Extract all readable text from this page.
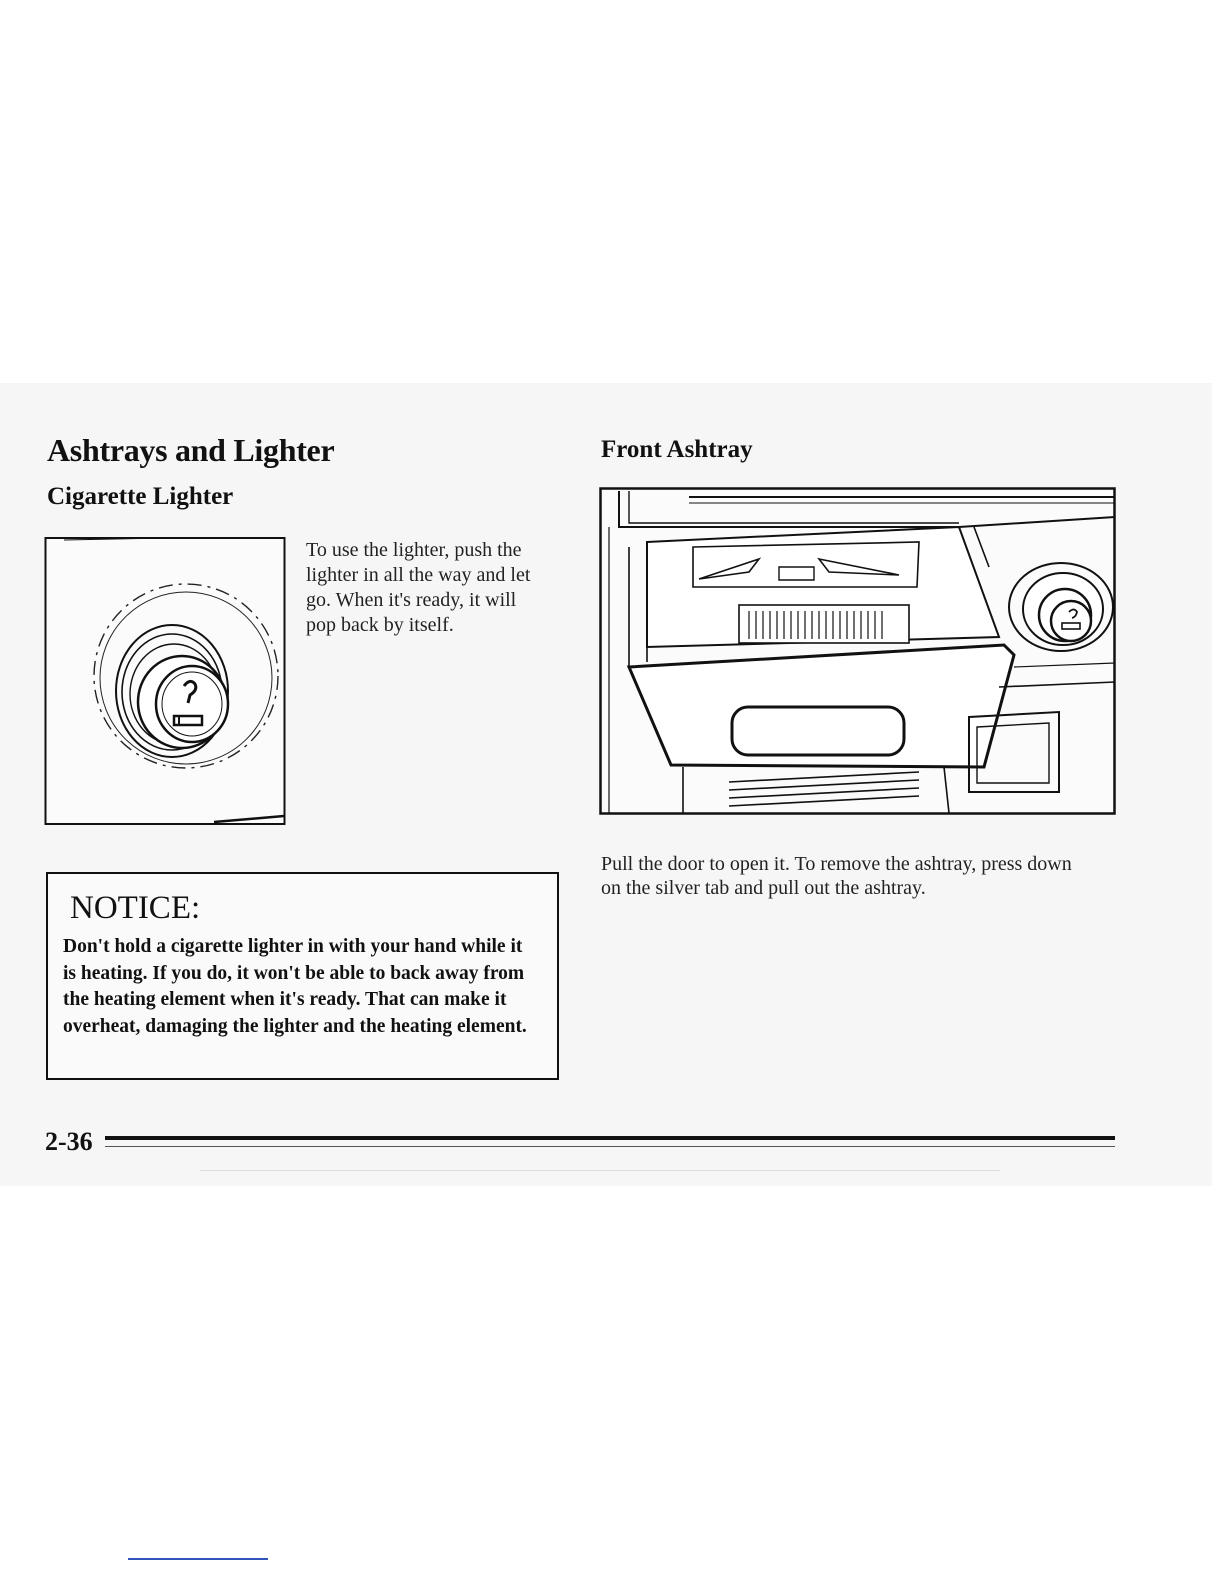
Ashtrays and Lighter
Cigarette Lighter
To use the lighter, push the lighter in all the way and let go. When it's ready, it will pop back by itself.
NOTICE:
Don't hold a cigarette lighter in with your hand while it is heating. If you do, it won't be able to back away from the heating element when it's ready. That can make it overheat, damaging the lighter and the heating element.
Front Ashtray
Pull the door to open it. To remove the ashtray, press down on the silver tab and pull out the ashtray.
2-36
